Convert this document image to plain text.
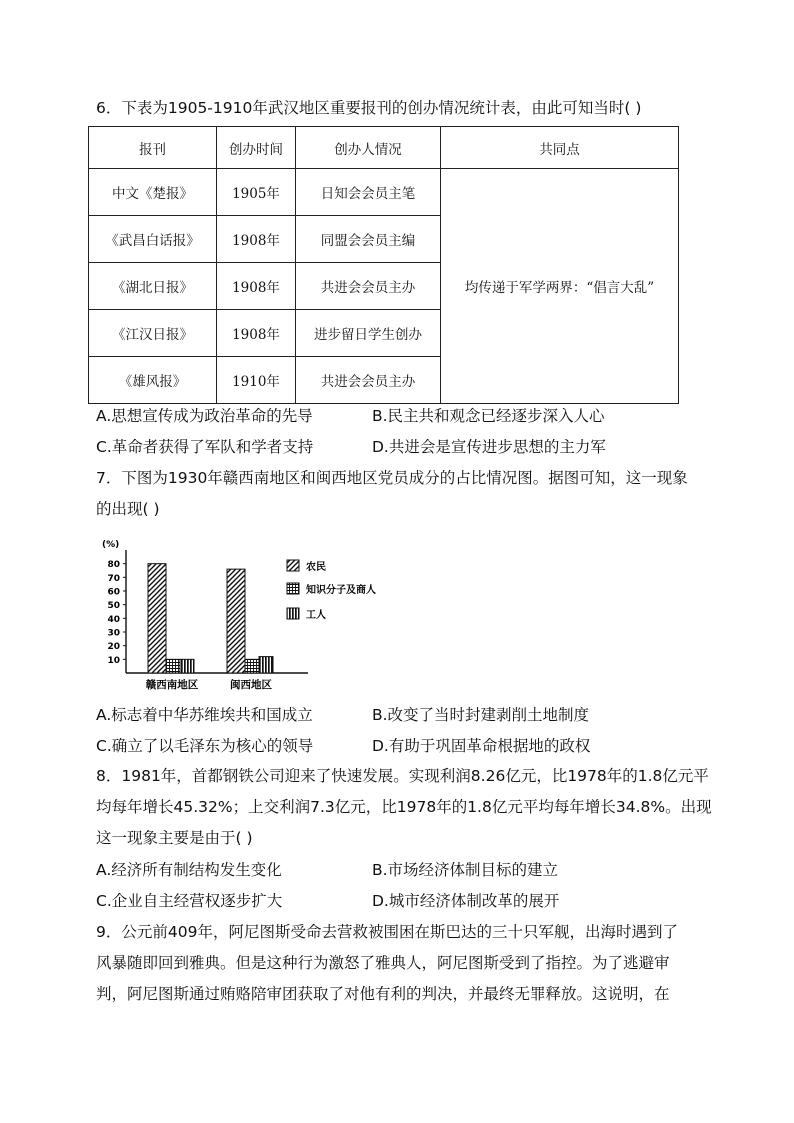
6．下表为1905-1910年武汉地区重要报刊的创办情况统计表，由此可知当时( )
报刊	创办时间	创办人情况	共同点
中文《楚报》	1905年	日知会会员主笔	均传递于军学两界：“倡言大乱”
《武昌白话报》	1908年	同盟会会员主编	
《湖北日报》	1908年	共进会会员主办	
《江汉日报》	1908年	进步留日学生创办	
《雄风报》	1910年	共进会会员主办	
A.思想宣传成为政治革命的先导	B.民主共和观念已经逐步深入人心
C.革命者获得了军队和学者支持	D.共进会是宣传进步思想的主力军
7．下图为1930年赣西南地区和闽西地区党员成分的占比情况图。据图可知，这一现象
的出现( )
(%)
10
20
30
40
50
60
70
80
赣西南地区	闽西地区
农民
知识分子及商人
工人
A.标志着中华苏维埃共和国成立	B.改变了当时封建剥削土地制度
C.确立了以毛泽东为核心的领导	D.有助于巩固革命根据地的政权
8．1981年，首都钢铁公司迎来了快速发展。实现利润8.26亿元，比1978年的1.8亿元平
均每年增长45.32%；上交利润7.3亿元，比1978年的1.8亿元平均每年增长34.8%。出现
这一现象主要是由于( )
A.经济所有制结构发生变化	B.市场经济体制目标的建立
C.企业自主经营权逐步扩大	D.城市经济体制改革的展开
9．公元前409年，阿尼图斯受命去营救被围困在斯巴达的三十只军舰，出海时遇到了
风暴随即回到雅典。但是这种行为激怒了雅典人，阿尼图斯受到了指控。为了逃避审
判，阿尼图斯通过贿赂陪审团获取了对他有利的判决，并最终无罪释放。这说明，在
